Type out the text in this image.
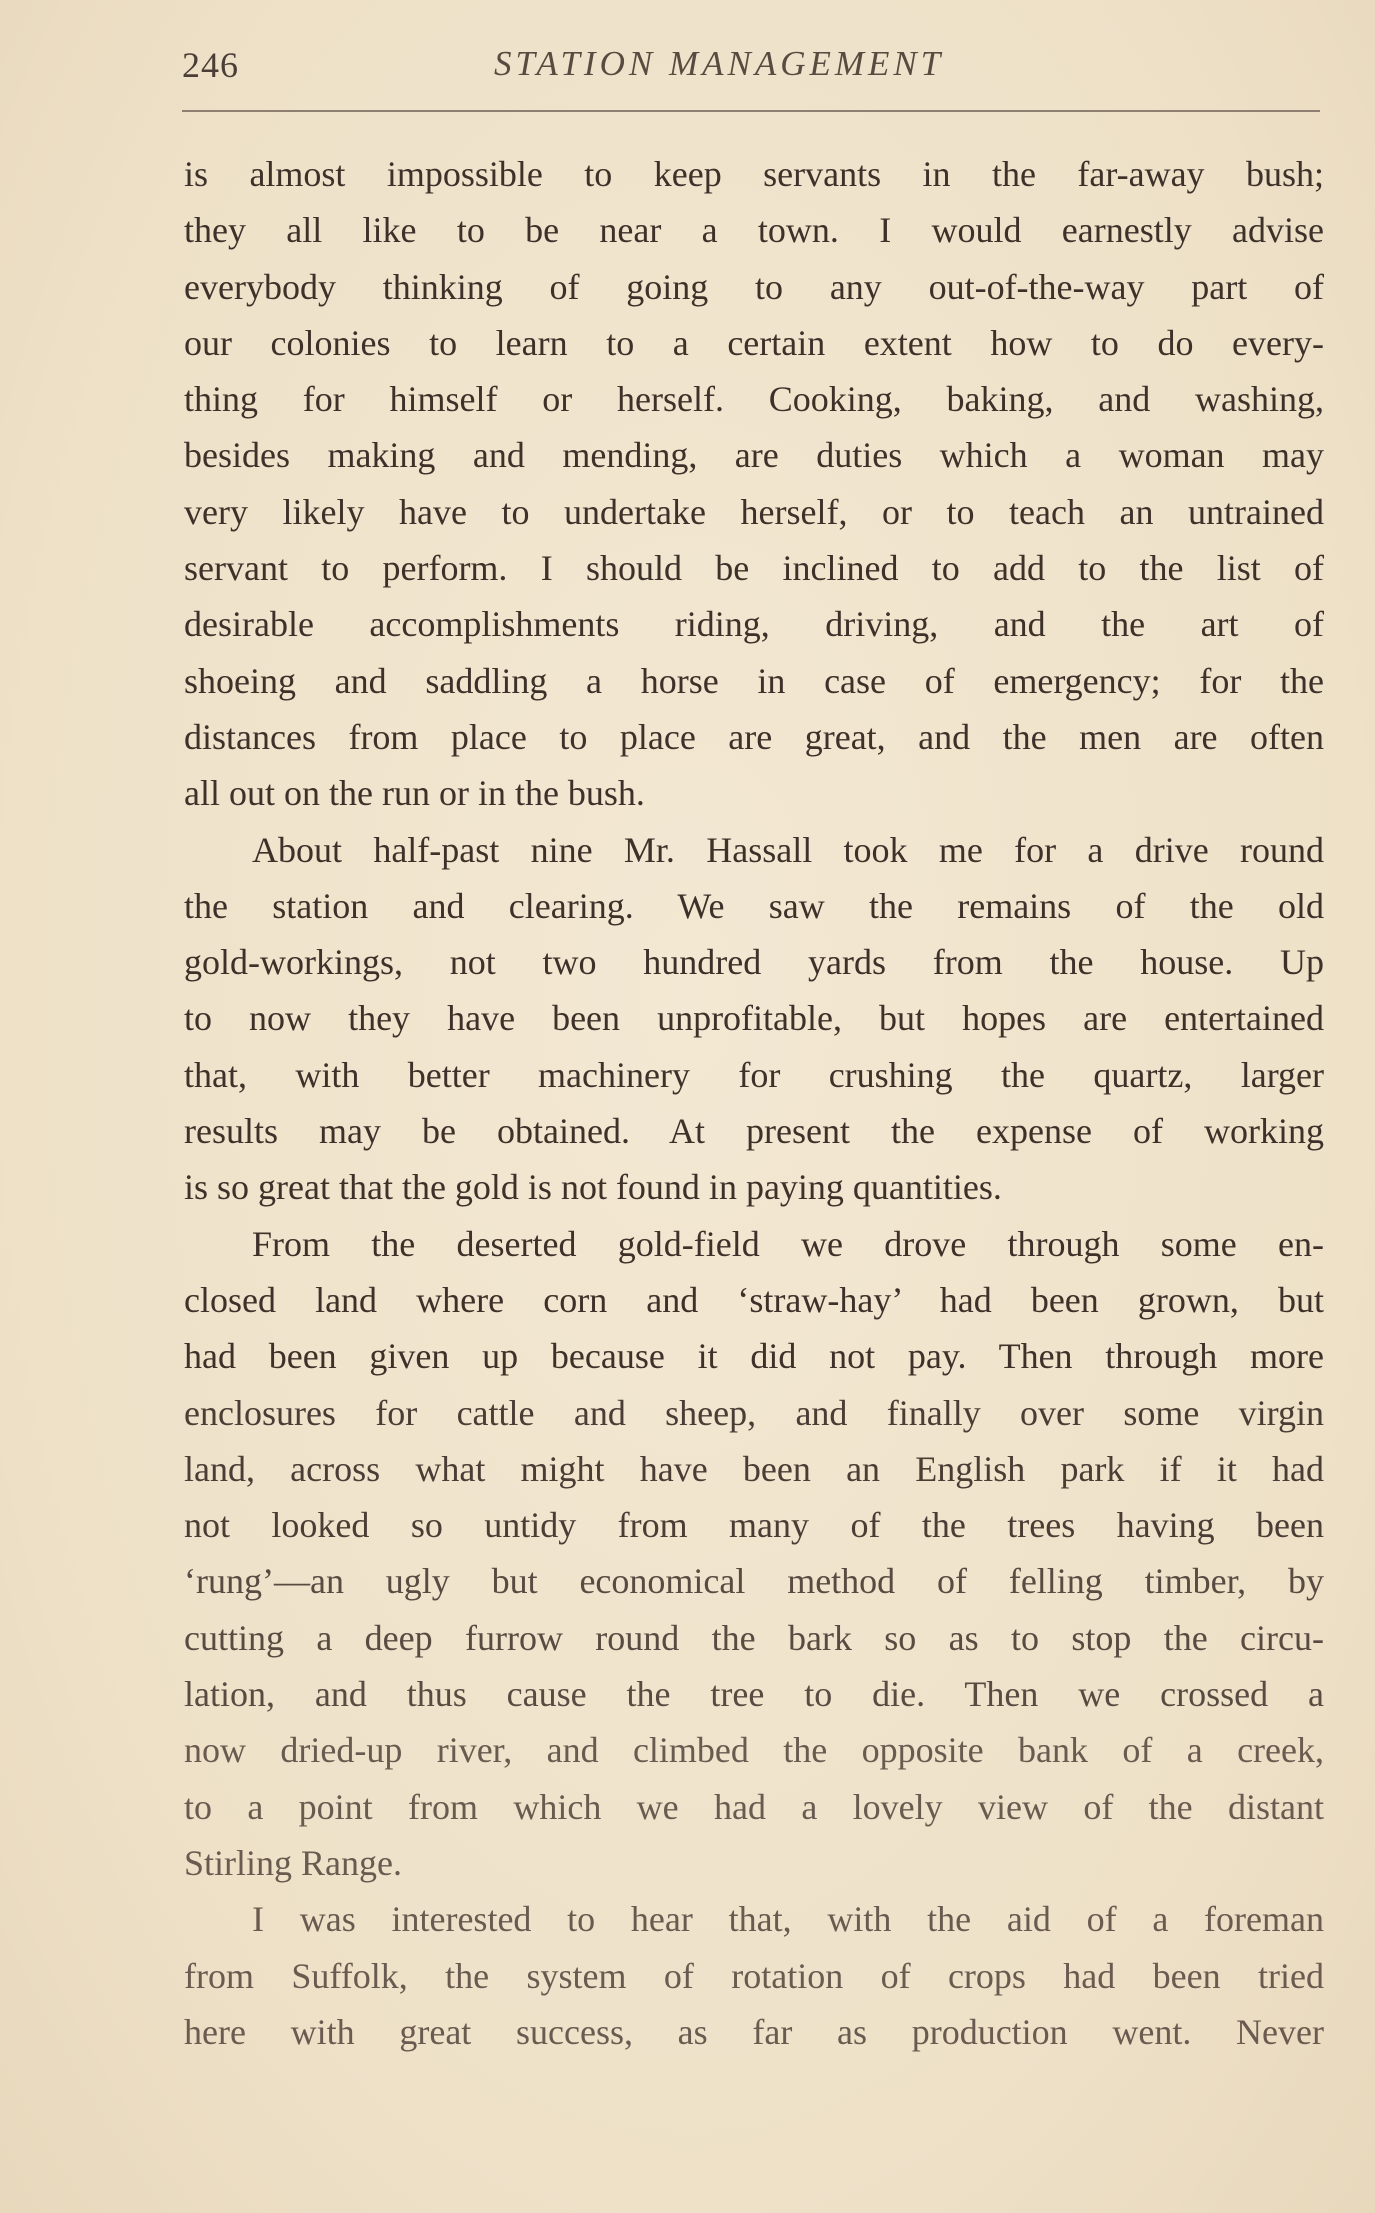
246	STATION MANAGEMENT
is almost impossible to keep servants in the far-away bush;
they all like to be near a town. I would earnestly advise
everybody thinking of going to any out-of-the-way part of
our colonies to learn to a certain extent how to do every-
thing for himself or herself. Cooking, baking, and washing,
besides making and mending, are duties which a woman may
very likely have to undertake herself, or to teach an untrained
servant to perform. I should be inclined to add to the list of
desirable accomplishments riding, driving, and the art of
shoeing and saddling a horse in case of emergency; for the
distances from place to place are great, and the men are often
all out on the run or in the bush.
About half-past nine Mr. Hassall took me for a drive round
the station and clearing. We saw the remains of the old
gold-workings, not two hundred yards from the house. Up
to now they have been unprofitable, but hopes are entertained
that, with better machinery for crushing the quartz, larger
results may be obtained. At present the expense of working
is so great that the gold is not found in paying quantities.
From the deserted gold-field we drove through some en-
closed land where corn and ‘straw-hay’ had been grown, but
had been given up because it did not pay. Then through more
enclosures for cattle and sheep, and finally over some virgin
land, across what might have been an English park if it had
not looked so untidy from many of the trees having been
‘rung’—an ugly but economical method of felling timber, by
cutting a deep furrow round the bark so as to stop the circu-
lation, and thus cause the tree to die. Then we crossed a
now dried-up river, and climbed the opposite bank of a creek,
to a point from which we had a lovely view of the distant
Stirling Range.
I was interested to hear that, with the aid of a foreman
from Suffolk, the system of rotation of crops had been tried
here with great success, as far as production went. Never
